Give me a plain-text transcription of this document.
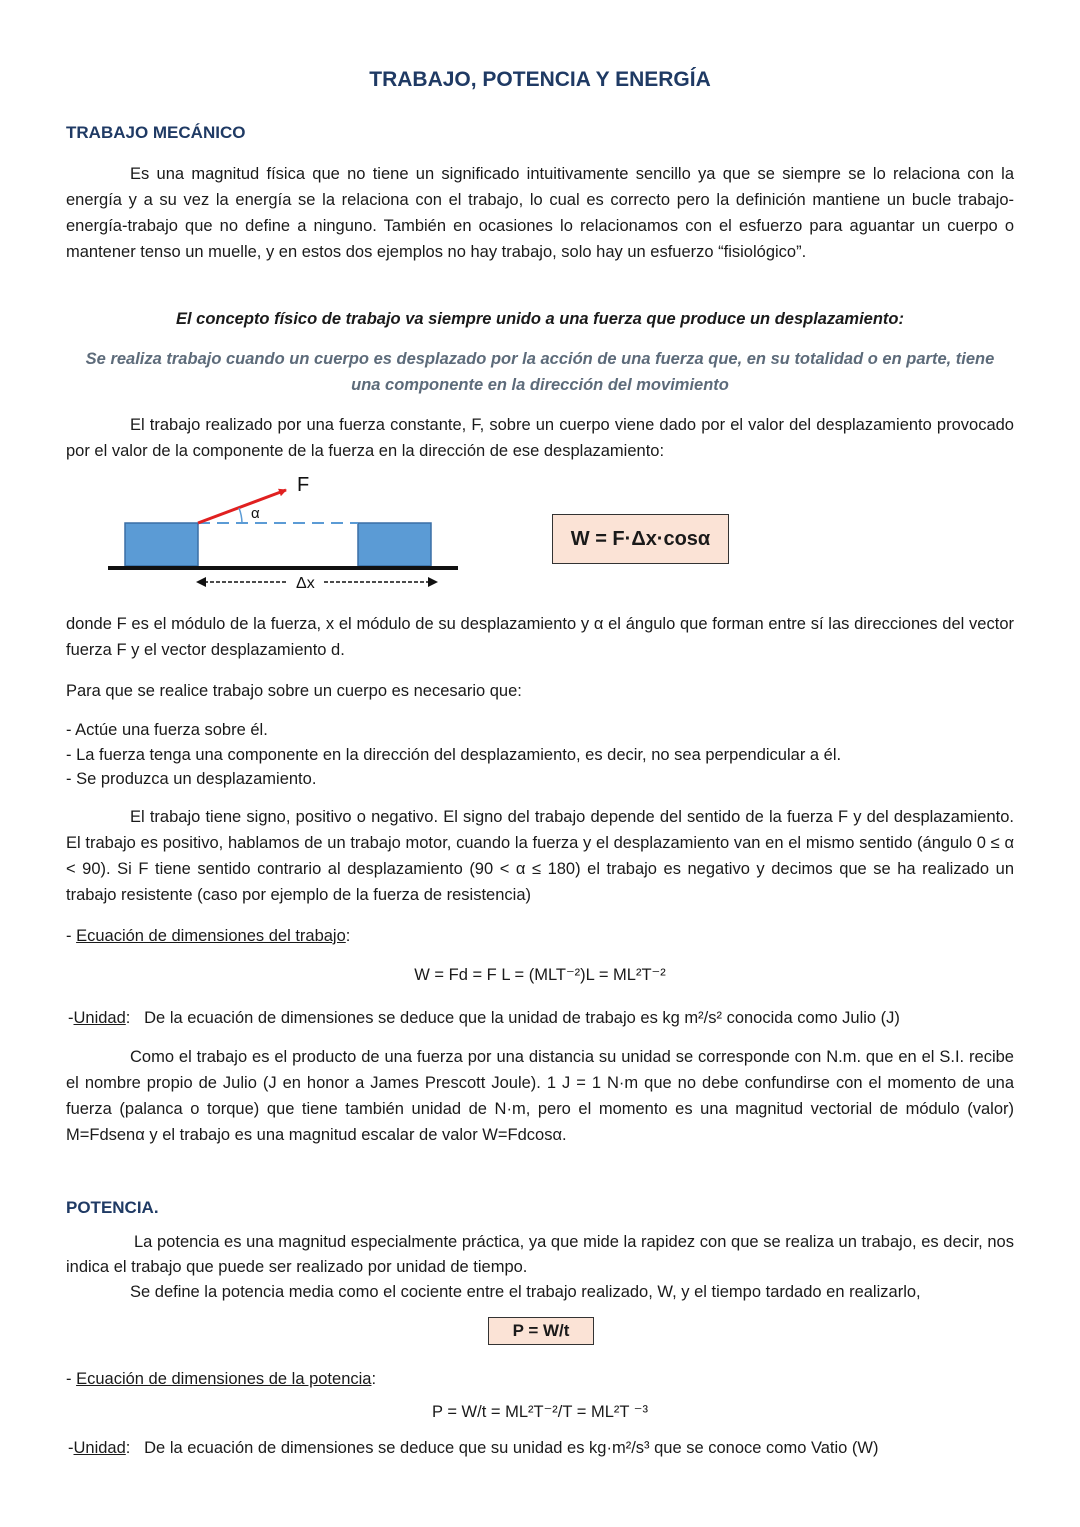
TRABAJO, POTENCIA Y ENERGÍA
TRABAJO MECÁNICO
Es una magnitud física que no tiene un significado intuitivamente sencillo ya que se siempre se lo relaciona con la energía y a su vez la energía se la relaciona con el trabajo, lo cual es correcto pero la definición mantiene un bucle trabajo-energía-trabajo que no define a ninguno. También en ocasiones lo relacionamos con el esfuerzo para aguantar un cuerpo o mantener tenso un muelle, y en estos dos ejemplos no hay trabajo, solo hay un esfuerzo “fisiológico”.
El concepto físico de trabajo va siempre unido a una fuerza que produce un desplazamiento:
Se realiza trabajo cuando un cuerpo es desplazado por la acción de una fuerza que, en su totalidad o en parte, tiene una componente en la dirección del movimiento
El trabajo realizado por una fuerza constante, F, sobre un cuerpo viene dado por el valor del desplazamiento provocado por el valor de la componente de la fuerza en la dirección de ese desplazamiento:
F
α
Δx
W = F·Δx·cosα
donde F es el módulo de la fuerza, x el módulo de su desplazamiento y α el ángulo que forman entre sí las direcciones del vector fuerza F y el vector desplazamiento d.
Para que se realice trabajo sobre un cuerpo es necesario que:
- Actúe una fuerza sobre él.
- La fuerza tenga una componente en la dirección del desplazamiento, es decir, no sea perpendicular a él.
- Se produzca un desplazamiento.
El trabajo tiene signo, positivo o negativo. El signo del trabajo depende del sentido de la fuerza F y del desplazamiento. El trabajo es positivo, hablamos de un trabajo motor, cuando la fuerza y el desplazamiento van en el mismo sentido (ángulo 0 ≤ α < 90). Si F tiene sentido contrario al desplazamiento (90 < α ≤ 180) el trabajo es negativo y decimos que se ha realizado un trabajo resistente (caso por ejemplo de la fuerza de resistencia)
- Ecuación de dimensiones del trabajo:
W = Fd = F L = (MLT⁻²)L = ML²T⁻²
-Unidad:   De la ecuación de dimensiones se deduce que la unidad de trabajo es kg m²/s² conocida como Julio (J)
Como el trabajo es el producto de una fuerza por una distancia su unidad se corresponde con N.m. que en el S.I. recibe el nombre propio de Julio (J en honor a James Prescott Joule). 1 J = 1 N·m que no debe confundirse con el momento de una fuerza (palanca o torque) que tiene también unidad de N·m, pero el momento es una magnitud vectorial de módulo (valor) M=Fdsenα y el trabajo es una magnitud escalar de valor W=Fdcosα.
POTENCIA.
La potencia es una magnitud especialmente práctica, ya que mide la rapidez con que se realiza un trabajo, es decir, nos indica el trabajo que puede ser realizado por unidad de tiempo.
Se define la potencia media como el cociente entre el trabajo realizado, W, y el tiempo tardado en realizarlo,
P = W/t
- Ecuación de dimensiones de la potencia:
P = W/t = ML²T⁻²/T = ML²T ⁻³
-Unidad:   De la ecuación de dimensiones se deduce que su unidad es kg·m²/s³ que se conoce como Vatio (W)
